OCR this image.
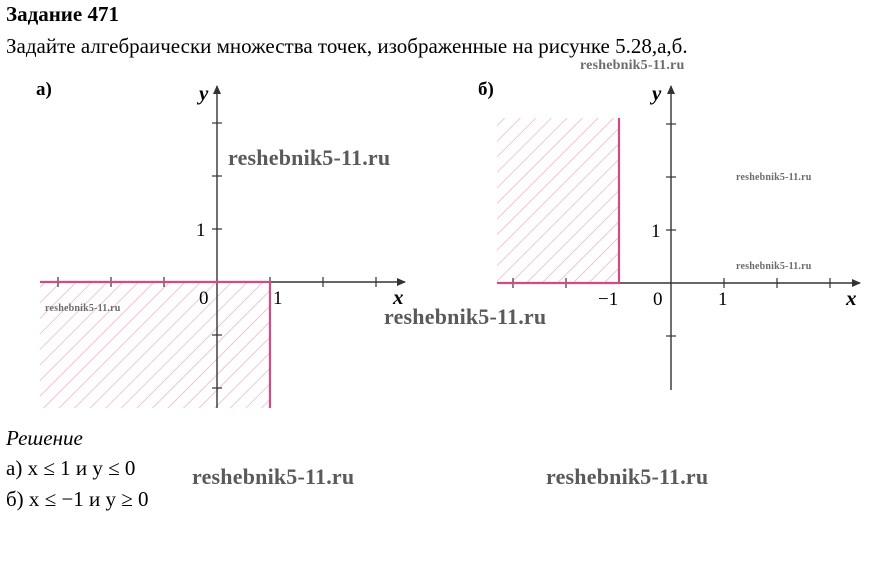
Задание 471
Задайте алгебраически множества точек, изображенные на рисунке 5.28,а,б.
а)	y
x
0	1
1
б)	y
x
0	1
−1
1
reshebnik5-11.ru
reshebnik5-11.ru
reshebnik5-11.ru
reshebnik5-11.ru
reshebnik5-11.ru	reshebnik5-11.ru
reshebnik5-11.ru	reshebnik5-11.ru
Решение
а) x ≤ 1 и y ≤ 0
б) x ≤ −1 и y ≥ 0
